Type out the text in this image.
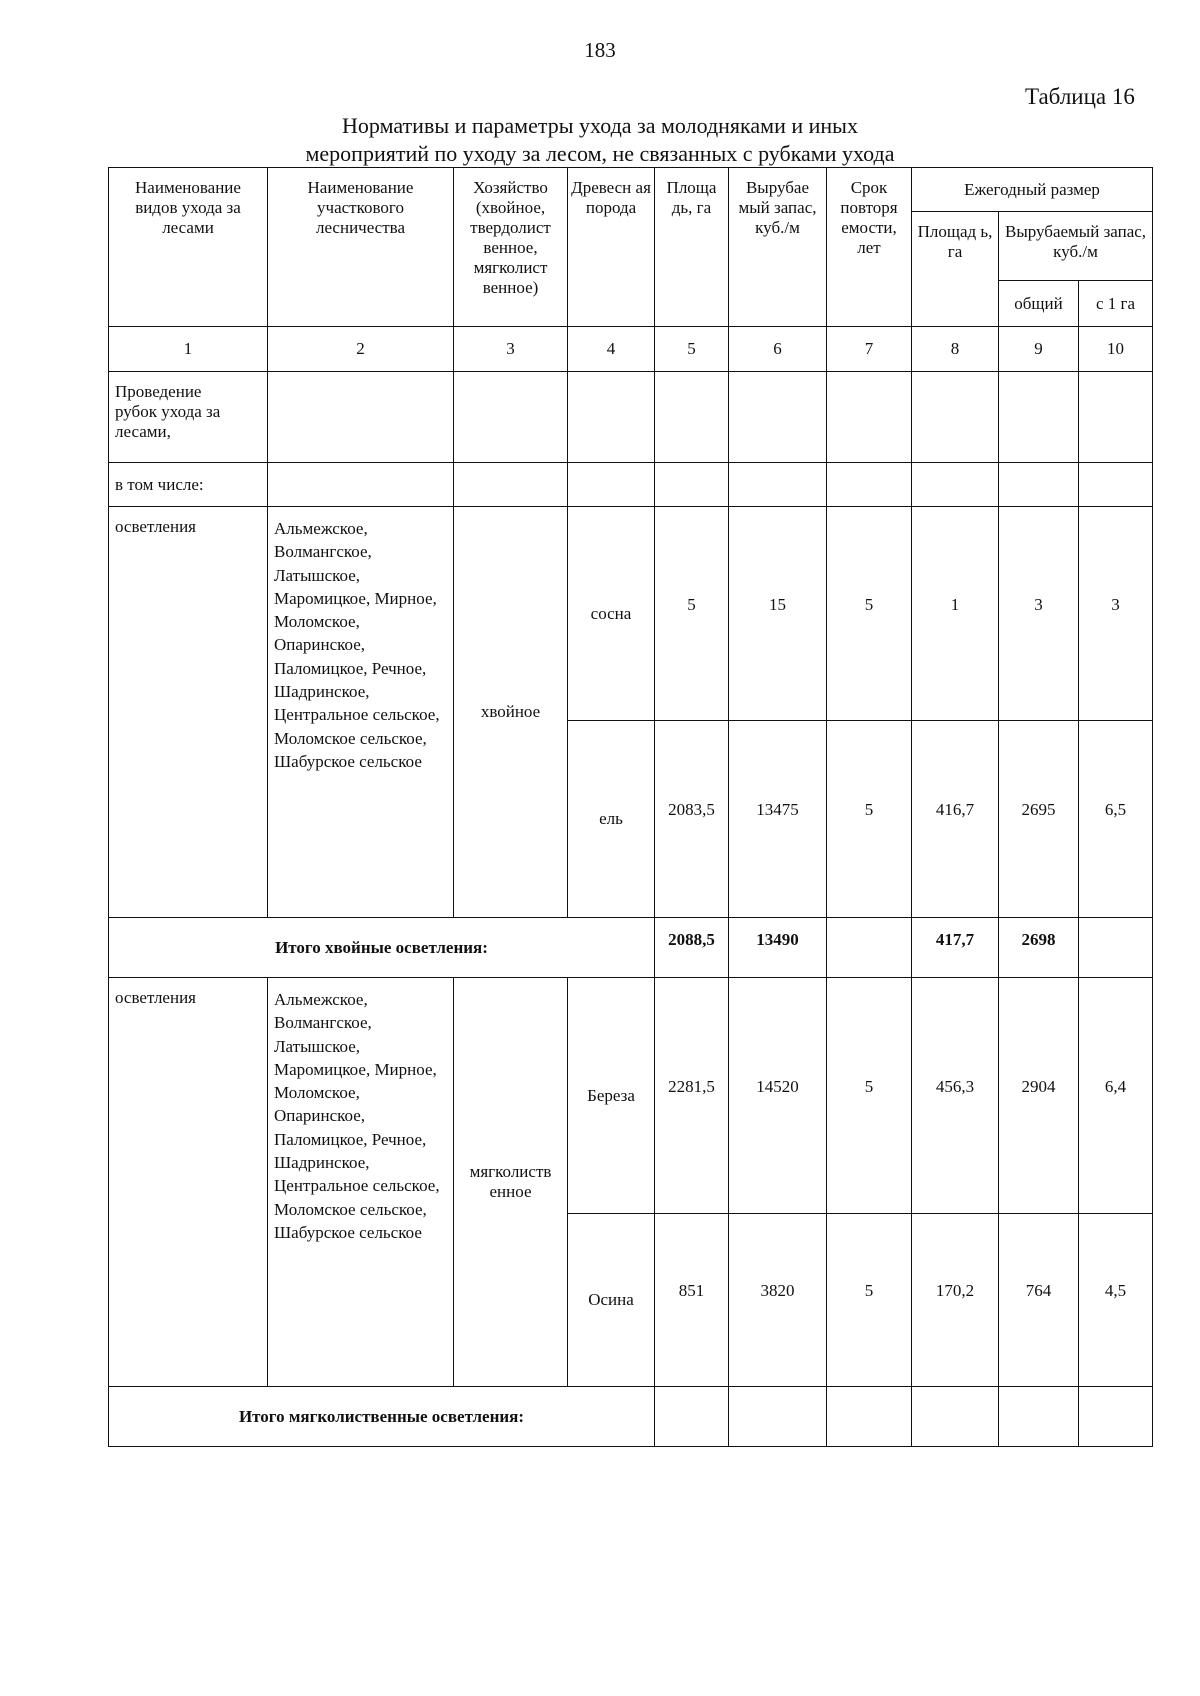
183
Таблица 16
Нормативы и параметры ухода за молодняками и иных
мероприятий по уходу за лесом, не связанных с рубками ухода
Наименование видов ухода за лесами	Наименование участкового лесничества	Хозяйство (хвойное, твердолист венное, мягколист венное)	Древесн ая порода	Площа дь, га	Вырубае мый запас, куб./м	Срок повторя емости, лет	Ежегодный размер		
							Площад ь, га	Вырубаемый запас, куб./м	
								общий	с 1 га
1	2	3	4	5	6	7	8	9	10
Проведение рубок ухода за лесами,									
в том числе:									
осветления	Альмежское, Волмангское, Латышское, Маромицкое, Мирное, Моломское, Опаринское, Паломицкое, Речное, Шадринское, Центральное сельское, Моломское сельское, Шабурское сельское	хвойное	сосна	5	15	5	1	3	3
			ель	2083,5	13475	5	416,7	2695	6,5
Итого хвойные осветления:				2088,5	13490		417,7	2698	
осветления	Альмежское, Волмангское, Латышское, Маромицкое, Мирное, Моломское, Опаринское, Паломицкое, Речное, Шадринское, Центральное сельское, Моломское сельское, Шабурское сельское	мягколиств енное	Береза	2281,5	14520	5	456,3	2904	6,4
			Осина	851	3820	5	170,2	764	4,5
Итого мягколиственные осветления:									
